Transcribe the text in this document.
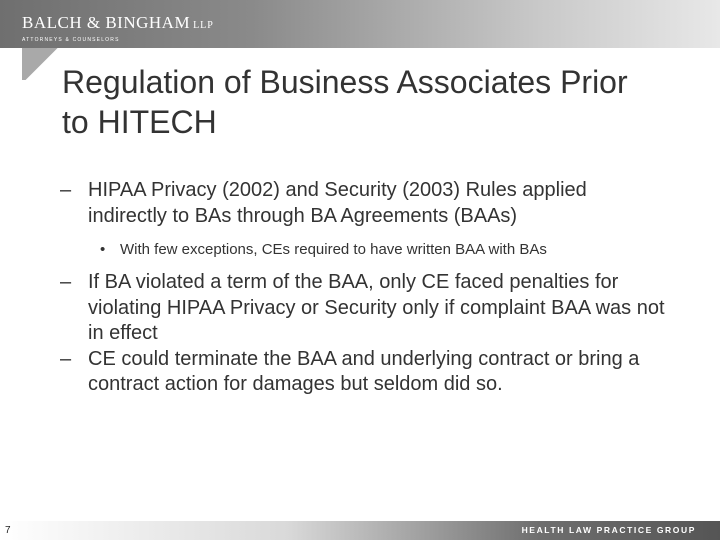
BALCH & BINGHAM LLP
ATTORNEYS & COUNSELORS
Regulation of Business Associates Prior to HITECH
– HIPAA Privacy (2002) and Security (2003) Rules applied indirectly to BAs through BA Agreements (BAAs)
• With few exceptions, CEs required to have written BAA with BAs
– If BA violated a term of the BAA, only CE faced penalties for violating HIPAA Privacy or Security only if complaint BAA was not in effect
– CE could terminate the BAA and underlying contract or bring a contract action for damages but seldom did so.
7	HEALTH LAW PRACTICE GROUP
